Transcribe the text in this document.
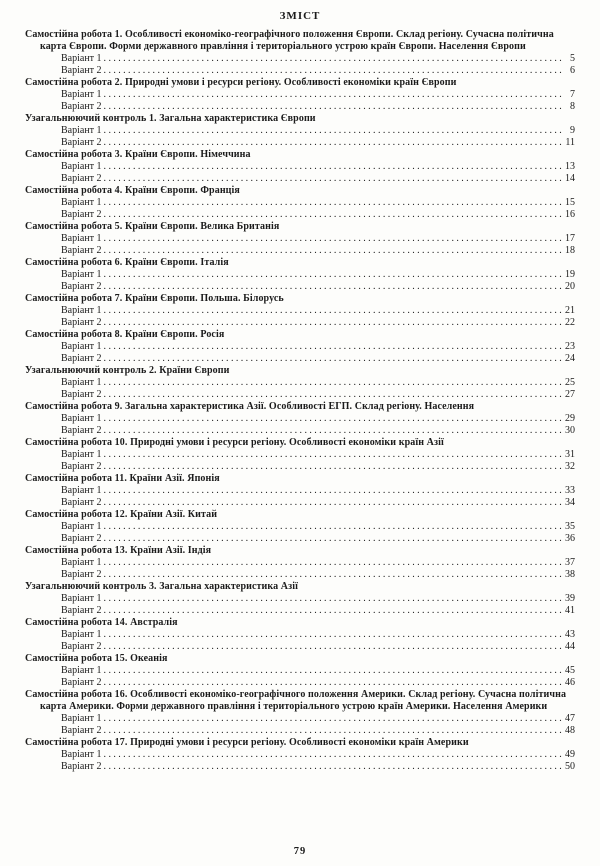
ЗМІСТ
Самостійна робота 1. Особливості економіко-географічного положення Європи. Склад регіону. Сучасна політична карта Європи. Форми державного правління і територіального устрою країн Європи. Населення Європи
Варіант 1 .....	5
Варіант 2 .....	6
Самостійна робота 2. Природні умови і ресурси регіону. Особливості економіки країн Європи
Варіант 1 .....	7
Варіант 2 .....	8
Узагальнюючий контроль 1. Загальна характеристика Європи
Варіант 1 .....	9
Варіант 2 .....	11
Самостійна робота 3. Країни Європи. Німеччина
Варіант 1 .....	13
Варіант 2 .....	14
Самостійна робота 4. Країни Європи. Франція
Варіант 1 .....	15
Варіант 2 .....	16
Самостійна робота 5. Країни Європи. Велика Британія
Варіант 1 .....	17
Варіант 2 .....	18
Самостійна робота 6. Країни Європи. Італія
Варіант 1 .....	19
Варіант 2 .....	20
Самостійна робота 7. Країни Європи. Польша. Білорусь
Варіант 1 .....	21
Варіант 2 .....	22
Самостійна робота 8. Країни Європи. Росія
Варіант 1 .....	23
Варіант 2 .....	24
Узагальнюючий контроль 2. Країни Європи
Варіант 1 .....	25
Варіант 2 .....	27
Самостійна робота 9. Загальна характеристика Азії. Особливості ЕГП. Склад регіону. Населення
Варіант 1 .....	29
Варіант 2 .....	30
Самостійна робота 10. Природні умови і ресурси регіону. Особливості економіки країн Азії
Варіант 1 .....	31
Варіант 2 .....	32
Самостійна робота 11. Країни Азії. Японія
Варіант 1 .....	33
Варіант 2 .....	34
Самостійна робота 12. Країни Азії. Китай
Варіант 1 .....	35
Варіант 2 .....	36
Самостійна робота 13. Країни Азії. Індія
Варіант 1 .....	37
Варіант 2 .....	38
Узагальнюючий контроль 3. Загальна характеристика Азії
Варіант 1 .....	39
Варіант 2 .....	41
Самостійна робота 14. Австралія
Варіант 1 .....	43
Варіант 2 .....	44
Самостійна робота 15. Океанія
Варіант 1 .....	45
Варіант 2 .....	46
Самостійна робота 16. Особливості економіко-географічного положення Америки. Склад регіону. Сучасна політична карта Америки. Форми державного правління і територіального устрою країн Америки. Населення Америки
Варіант 1 .....	47
Варіант 2 .....	48
Самостійна робота 17. Природні умови і ресурси регіону. Особливості економіки країн Америки
Варіант 1 .....	49
Варіант 2 .....	50
79
